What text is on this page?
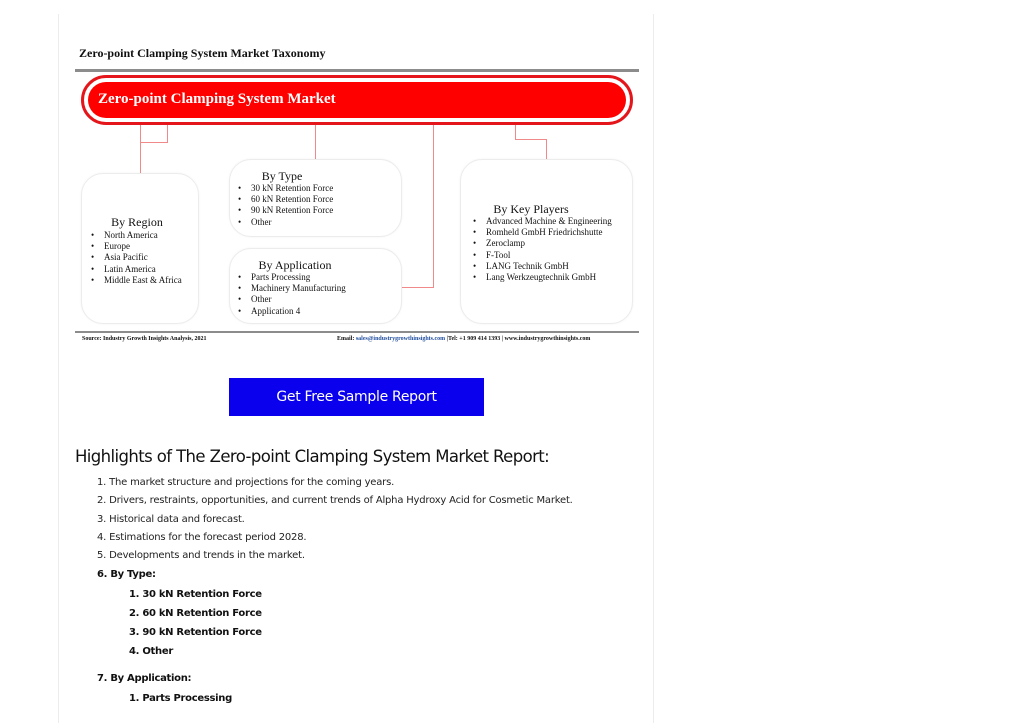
Zero-point Clamping System Market Taxonomy
Zero-point Clamping System Market
By Region
• North America
• Europe
• Asia Pacific
• Latin America
• Middle East & Africa
By Type
• 30 kN Retention Force
• 60 kN Retention Force
• 90 kN Retention Force
• Other
By Application
• Parts Processing
• Machinery Manufacturing
• Other
• Application 4
By Key Players
• Advanced Machine & Engineering
• Romheld GmbH Friedrichshutte
• Zeroclamp
• F-Tool
• LANG Technik GmbH
• Lang Werkzeugtechnik GmbH
Source: Industry Growth Insights Analysis, 2021	Email: sales@industrygrowthinsights.com |Tel: +1 909 414 1393 | www.industrygrowthinsights.com
Get Free Sample Report
Highlights of The Zero-point Clamping System Market Report:
1. The market structure and projections for the coming years.
2. Drivers, restraints, opportunities, and current trends of Alpha Hydroxy Acid for Cosmetic Market.
3. Historical data and forecast.
4. Estimations for the forecast period 2028.
5. Developments and trends in the market.
6. By Type:
1. 30 kN Retention Force
2. 60 kN Retention Force
3. 90 kN Retention Force
4. Other
7. By Application:
1. Parts Processing
